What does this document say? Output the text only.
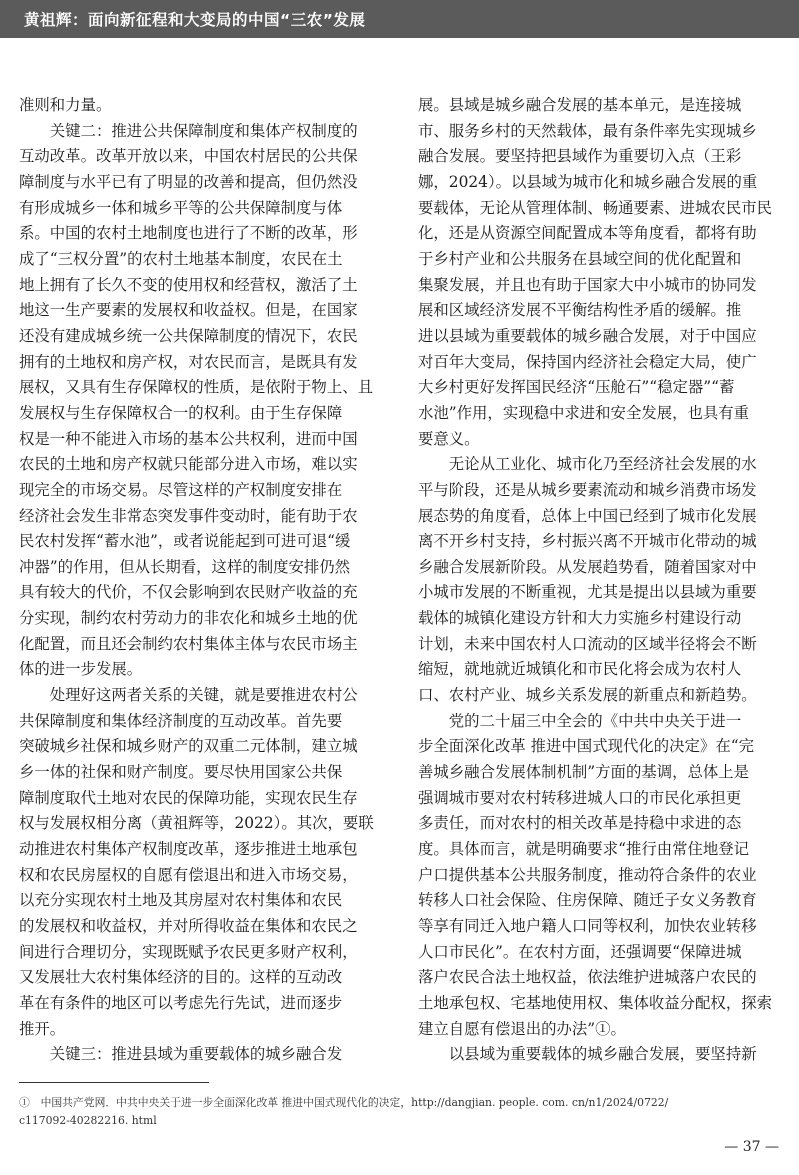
黄祖辉：面向新征程和大变局的中国“三农”发展
准则和力量。
　　关键二：推进公共保障制度和集体产权制度的
互动改革。改革开放以来，中国农村居民的公共保
障制度与水平已有了明显的改善和提高，但仍然没
有形成城乡一体和城乡平等的公共保障制度与体
系。中国的农村土地制度也进行了不断的改革，形
成了“三权分置”的农村土地基本制度，农民在土
地上拥有了长久不变的使用权和经营权，激活了土
地这一生产要素的发展权和收益权。但是，在国家
还没有建成城乡统一公共保障制度的情况下，农民
拥有的土地权和房产权，对农民而言，是既具有发
展权，又具有生存保障权的性质，是依附于物上、且
发展权与生存保障权合一的权利。由于生存保障
权是一种不能进入市场的基本公共权利，进而中国
农民的土地和房产权就只能部分进入市场，难以实
现完全的市场交易。尽管这样的产权制度安排在
经济社会发生非常态突发事件变动时，能有助于农
民农村发挥“蓄水池”，或者说能起到可进可退“缓
冲器”的作用，但从长期看，这样的制度安排仍然
具有较大的代价，不仅会影响到农民财产收益的充
分实现，制约农村劳动力的非农化和城乡土地的优
化配置，而且还会制约农村集体主体与农民市场主
体的进一步发展。
　　处理好这两者关系的关键，就是要推进农村公
共保障制度和集体经济制度的互动改革。首先要
突破城乡社保和城乡财产的双重二元体制，建立城
乡一体的社保和财产制度。要尽快用国家公共保
障制度取代土地对农民的保障功能，实现农民生存
权与发展权相分离（黄祖辉等，2022）。其次，要联
动推进农村集体产权制度改革，逐步推进土地承包
权和农民房屋权的自愿有偿退出和进入市场交易，
以充分实现农村土地及其房屋对农村集体和农民
的发展权和收益权，并对所得收益在集体和农民之
间进行合理切分，实现既赋予农民更多财产权利，
又发展壮大农村集体经济的目的。这样的互动改
革在有条件的地区可以考虑先行先试，进而逐步
推开。
　　关键三：推进县域为重要载体的城乡融合发
展。县域是城乡融合发展的基本单元，是连接城
市、服务乡村的天然载体，最有条件率先实现城乡
融合发展。要坚持把县域作为重要切入点（王彩
娜，2024）。以县域为城市化和城乡融合发展的重
要载体，无论从管理体制、畅通要素、进城农民市民
化，还是从资源空间配置成本等角度看，都将有助
于乡村产业和公共服务在县域空间的优化配置和
集聚发展，并且也有助于国家大中小城市的协同发
展和区域经济发展不平衡结构性矛盾的缓解。推
进以县域为重要载体的城乡融合发展，对于中国应
对百年大变局，保持国内经济社会稳定大局，使广
大乡村更好发挥国民经济“压舱石”“稳定器”“蓄
水池”作用，实现稳中求进和安全发展，也具有重
要意义。
　　无论从工业化、城市化乃至经济社会发展的水
平与阶段，还是从城乡要素流动和城乡消费市场发
展态势的角度看，总体上中国已经到了城市化发展
离不开乡村支持，乡村振兴离不开城市化带动的城
乡融合发展新阶段。从发展趋势看，随着国家对中
小城市发展的不断重视，尤其是提出以县域为重要
载体的城镇化建设方针和大力实施乡村建设行动
计划，未来中国农村人口流动的区域半径将会不断
缩短，就地就近城镇化和市民化将会成为农村人
口、农村产业、城乡关系发展的新重点和新趋势。
　　党的二十届三中全会的《中共中央关于进一
步全面深化改革 推进中国式现代化的决定》在“完
善城乡融合发展体制机制”方面的基调，总体上是
强调城市要对农村转移进城人口的市民化承担更
多责任，而对农村的相关改革是持稳中求进的态
度。具体而言，就是明确要求“推行由常住地登记
户口提供基本公共服务制度，推动符合条件的农业
转移人口社会保险、住房保障、随迁子女义务教育
等享有同迁入地户籍人口同等权利，加快农业转移
人口市民化”。在农村方面，还强调要“保障进城
落户农民合法土地权益，依法维护进城落户农民的
土地承包权、宅基地使用权、集体收益分配权，探索
建立自愿有偿退出的办法”①。
　　以县域为重要载体的城乡融合发展，要坚持新
①　中国共产党网．中共中央关于进一步全面深化改革 推进中国式现代化的决定，http://dangjian. people. com. cn/n1/2024/0722/
c117092-40282216. html
— 37 —
